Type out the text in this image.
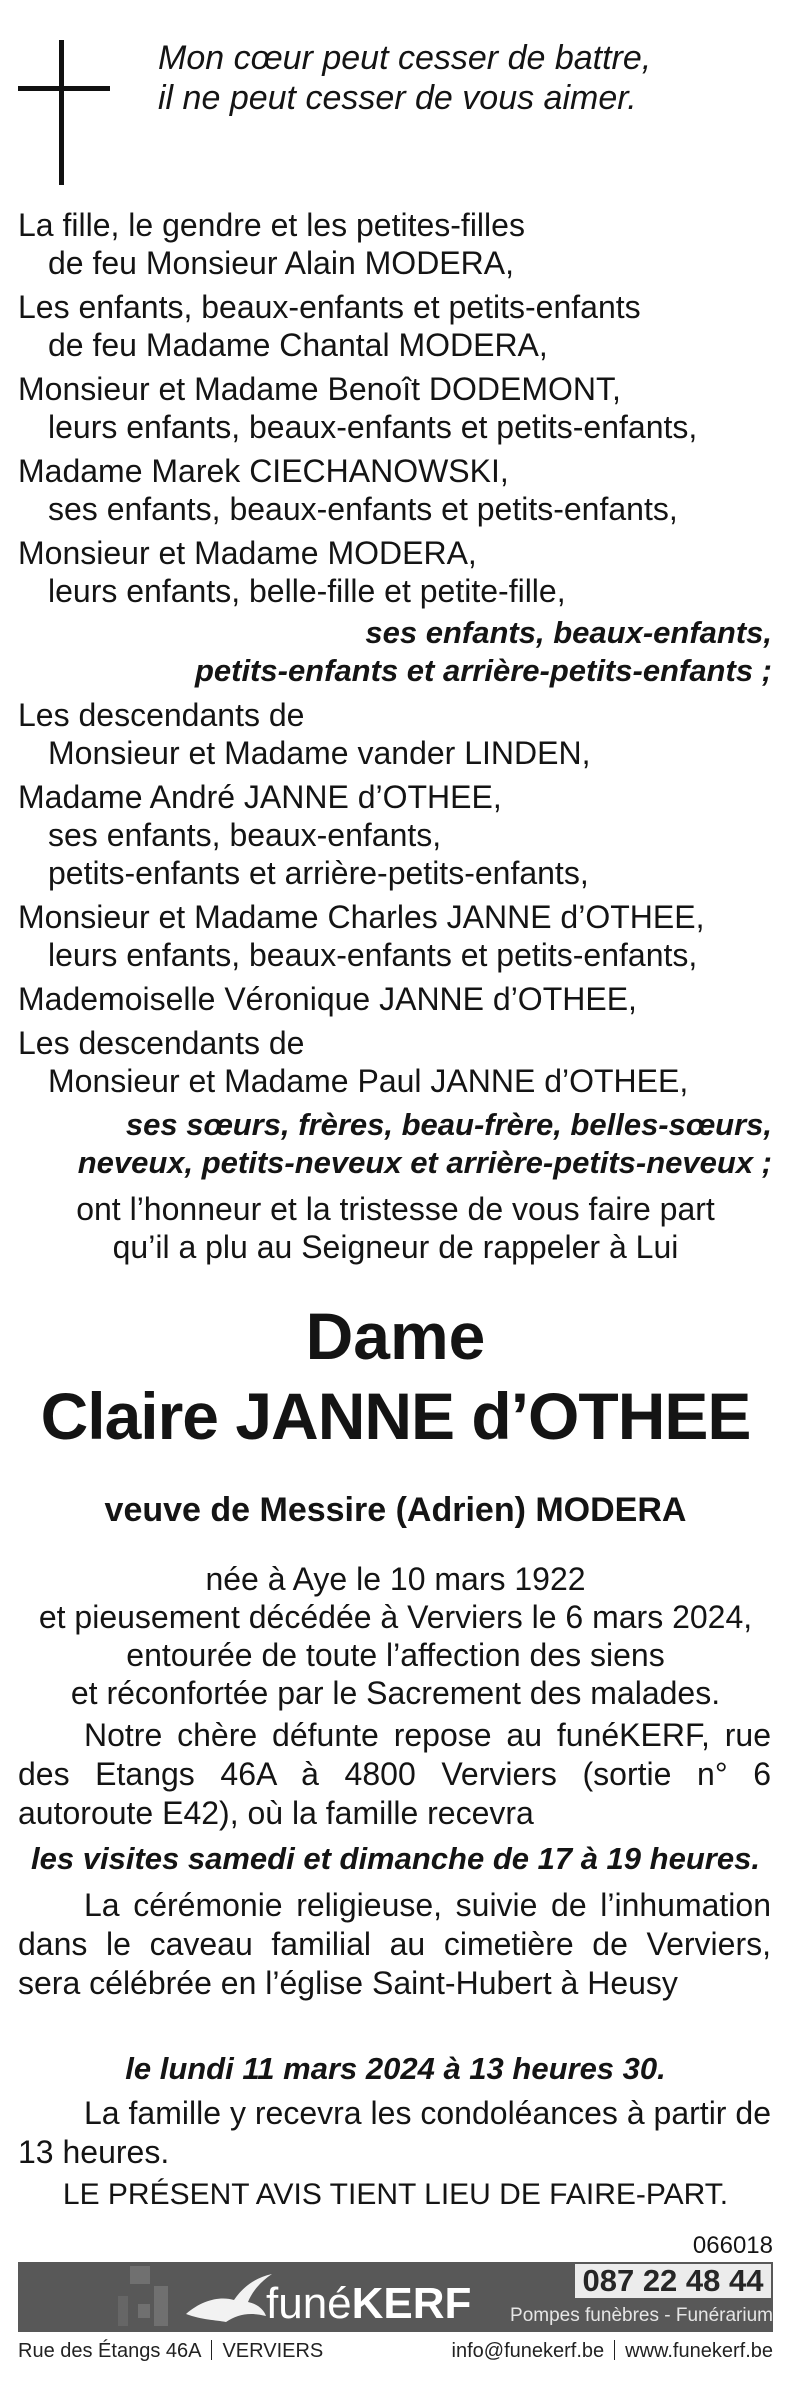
Mon cœur peut cesser de battre,
il ne peut cesser de vous aimer.
La fille, le gendre et les petites-filles
de feu Monsieur Alain MODERA,
Les enfants, beaux-enfants et petits-enfants
de feu Madame Chantal MODERA,
Monsieur et Madame Benoît DODEMONT,
leurs enfants, beaux-enfants et petits-enfants,
Madame Marek CIECHANOWSKI,
ses enfants, beaux-enfants et petits-enfants,
Monsieur et Madame MODERA,
leurs enfants, belle-fille et petite-fille,
ses enfants, beaux-enfants,
petits-enfants et arrière-petits-enfants ;
Les descendants de
Monsieur et Madame vander LINDEN,
Madame André JANNE d’OTHEE,
ses enfants, beaux-enfants,
petits-enfants et arrière-petits-enfants,
Monsieur et Madame Charles JANNE d’OTHEE,
leurs enfants, beaux-enfants et petits-enfants,
Mademoiselle Véronique JANNE d’OTHEE,
Les descendants de
Monsieur et Madame Paul JANNE d’OTHEE,
ses sœurs, frères, beau-frère, belles-sœurs,
neveux, petits-neveux et arrière-petits-neveux ;
ont l’honneur et la tristesse de vous faire part
qu’il a plu au Seigneur de rappeler à Lui
Dame
Claire JANNE d’OTHEE
veuve de Messire (Adrien) MODERA
née à Aye le 10 mars 1922
et pieusement décédée à Verviers le 6 mars 2024,
entourée de toute l’affection des siens
et réconfortée par le Sacrement des malades.
Notre chère défunte repose au funéKERF, rue des Etangs 46A à 4800 Verviers (sortie n° 6 autoroute E42), où la famille recevra
les visites samedi et dimanche de 17 à 19 heures.
La cérémonie religieuse, suivie de l’inhumation dans le caveau familial au cimetière de Verviers, sera célébrée en l’église Saint-Hubert à Heusy
le lundi 11 mars 2024 à 13 heures 30.
La famille y recevra les condoléances à partir de 13 heures.
LE PRÉSENT AVIS TIENT LIEU DE FAIRE-PART.
066018
funéKERF	087 22 48 44
Pompes funèbres - Funérarium
Rue des Étangs 46A VERVIERS	info@funekerf.be www.funekerf.be
